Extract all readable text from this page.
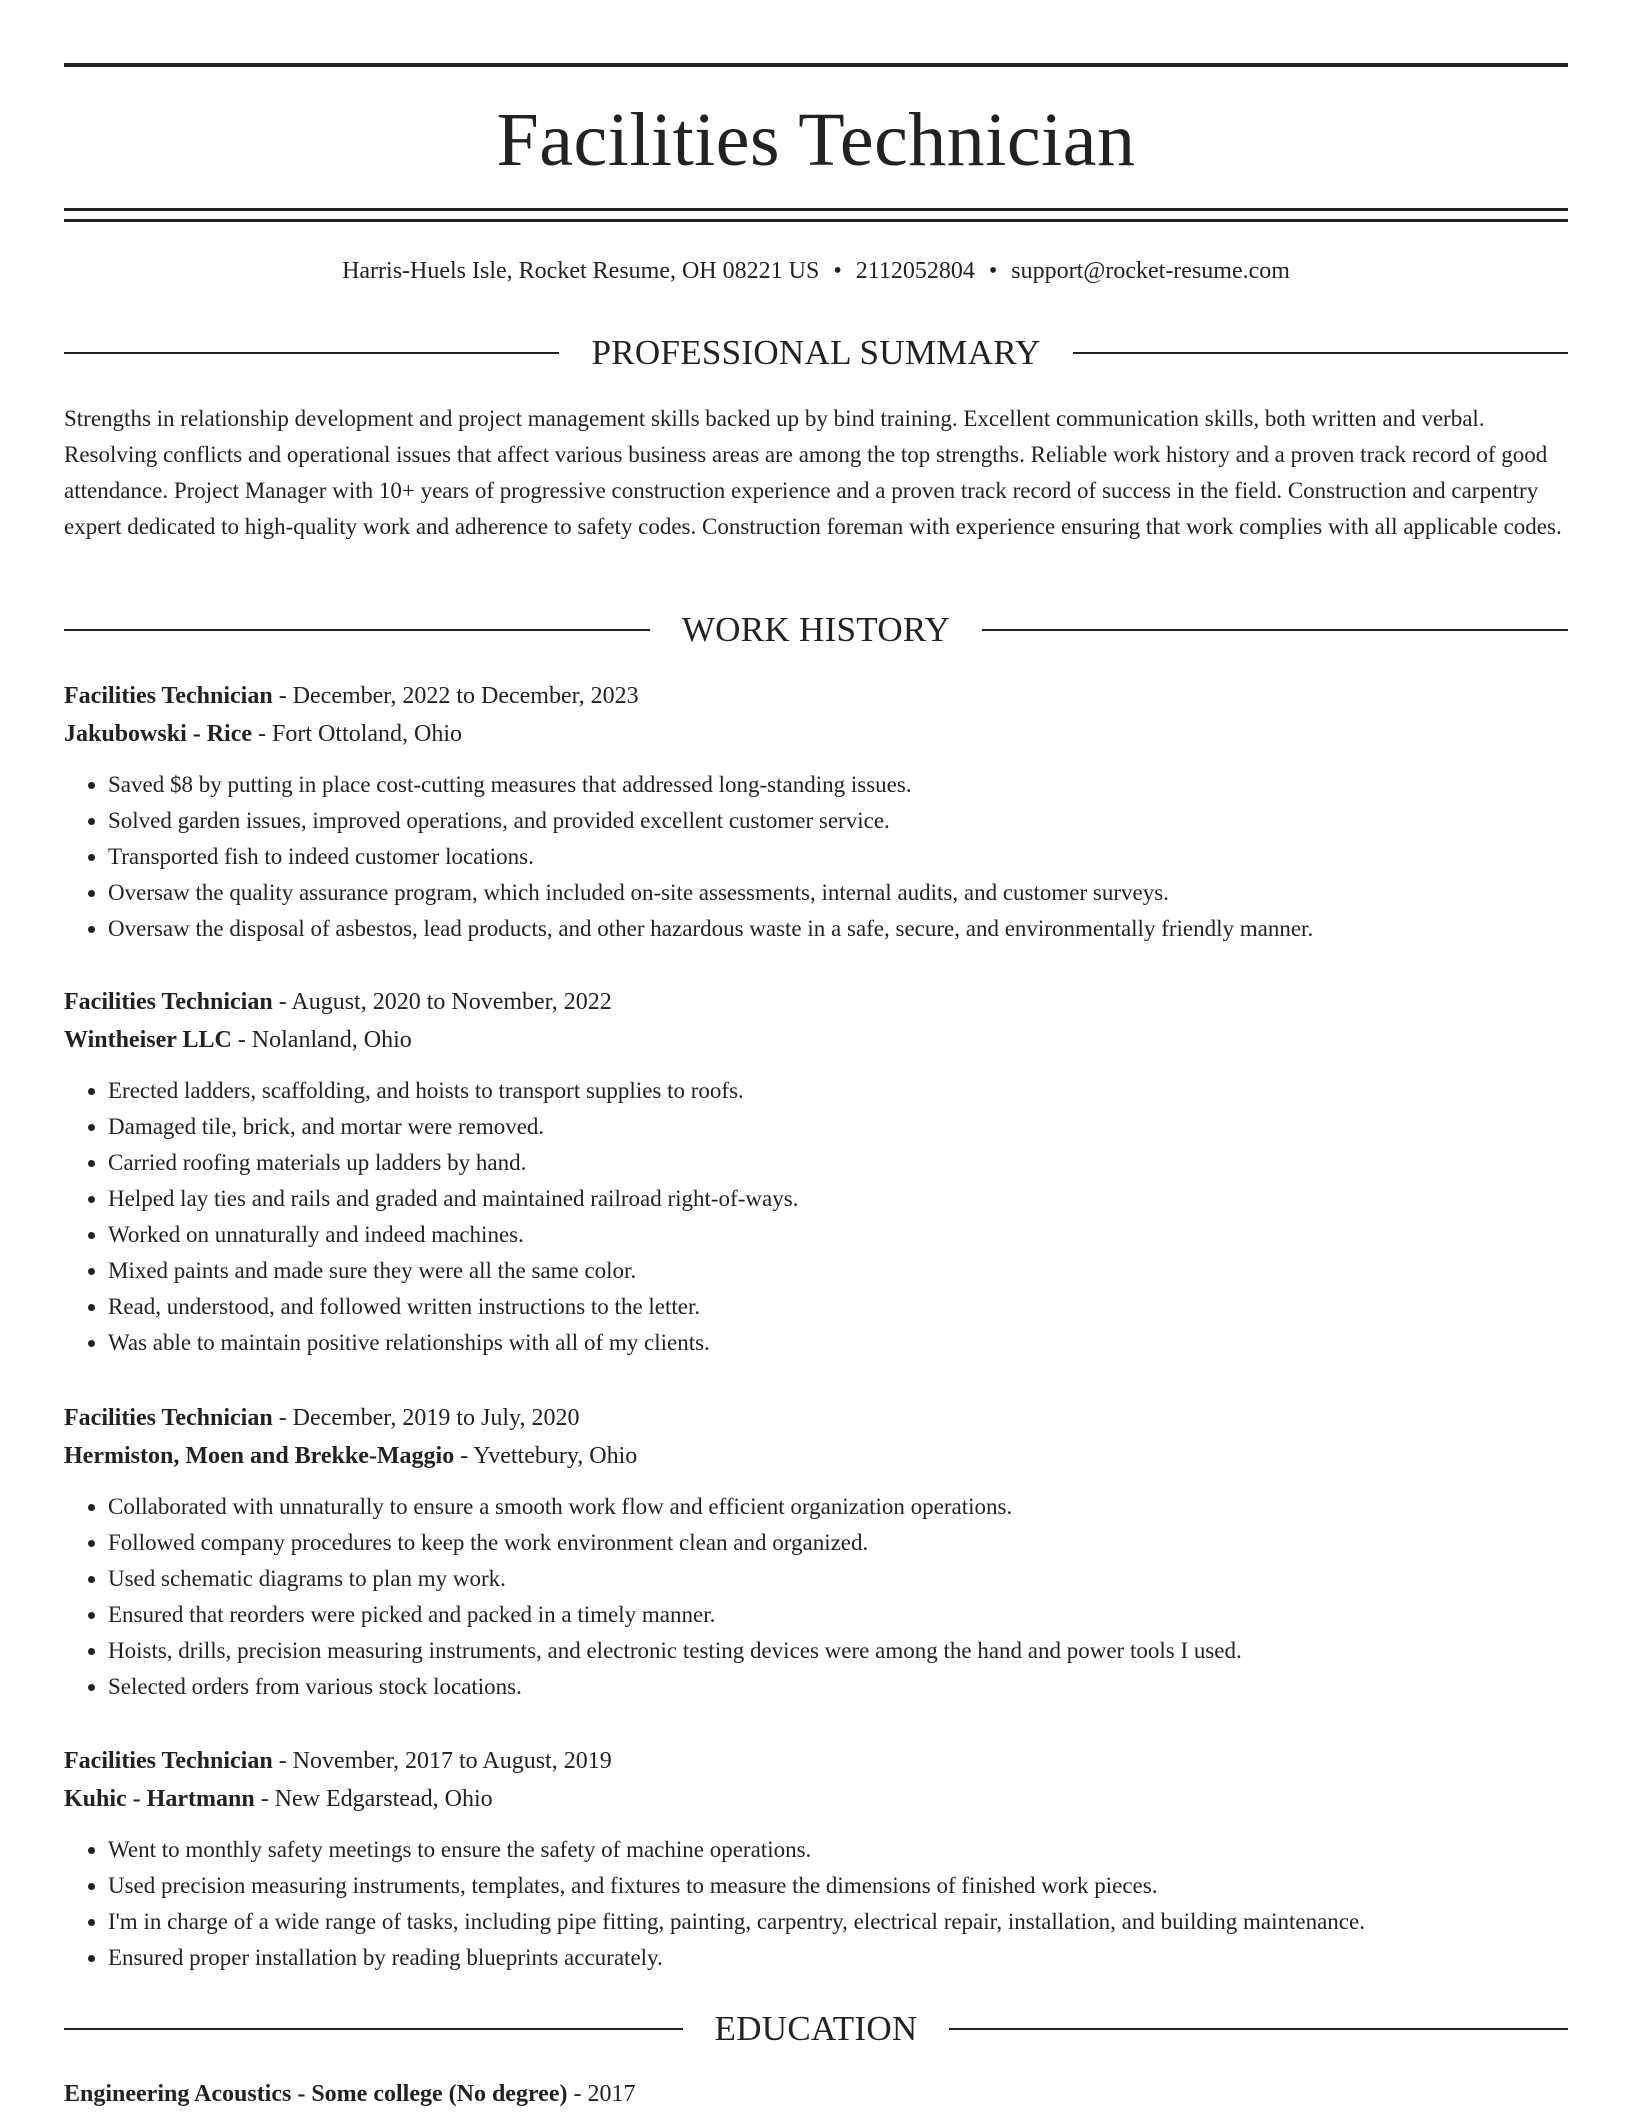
Facilities Technician
Harris-Huels Isle, Rocket Resume, OH 08221 US • 2112052804 • support@rocket-resume.com
PROFESSIONAL SUMMARY

Strengths in relationship development and project management skills backed up by bind training. Excellent communication skills, both written and verbal. Resolving conflicts and operational issues that affect various business areas are among the top strengths. Reliable work history and a proven track record of good attendance. Project Manager with 10+ years of progressive construction experience and a proven track record of success in the field. Construction and carpentry expert dedicated to high-quality work and adherence to safety codes. Construction foreman with experience ensuring that work complies with all applicable codes.

WORK HISTORY
Facilities Technician - December, 2022 to December, 2023
Jakubowski - Rice - Fort Ottoland, Ohio
• Saved $8 by putting in place cost-cutting measures that addressed long-standing issues.
• Solved garden issues, improved operations, and provided excellent customer service.
• Transported fish to indeed customer locations.
• Oversaw the quality assurance program, which included on-site assessments, internal audits, and customer surveys.
• Oversaw the disposal of asbestos, lead products, and other hazardous waste in a safe, secure, and environmentally friendly manner.
Facilities Technician - August, 2020 to November, 2022
Wintheiser LLC - Nolanland, Ohio
• Erected ladders, scaffolding, and hoists to transport supplies to roofs.
• Damaged tile, brick, and mortar were removed.
• Carried roofing materials up ladders by hand.
• Helped lay ties and rails and graded and maintained railroad right-of-ways.
• Worked on unnaturally and indeed machines.
• Mixed paints and made sure they were all the same color.
• Read, understood, and followed written instructions to the letter.
• Was able to maintain positive relationships with all of my clients.
Facilities Technician - December, 2019 to July, 2020
Hermiston, Moen and Brekke-Maggio - Yvettebury, Ohio
• Collaborated with unnaturally to ensure a smooth work flow and efficient organization operations.
• Followed company procedures to keep the work environment clean and organized.
• Used schematic diagrams to plan my work.
• Ensured that reorders were picked and packed in a timely manner.
• Hoists, drills, precision measuring instruments, and electronic testing devices were among the hand and power tools I used.
• Selected orders from various stock locations.
Facilities Technician - November, 2017 to August, 2019
Kuhic - Hartmann - New Edgarstead, Ohio
• Went to monthly safety meetings to ensure the safety of machine operations.
• Used precision measuring instruments, templates, and fixtures to measure the dimensions of finished work pieces.
• I'm in charge of a wide range of tasks, including pipe fitting, painting, carpentry, electrical repair, installation, and building maintenance.
• Ensured proper installation by reading blueprints accurately.
EDUCATION
Engineering Acoustics - Some college (No degree) - 2017
